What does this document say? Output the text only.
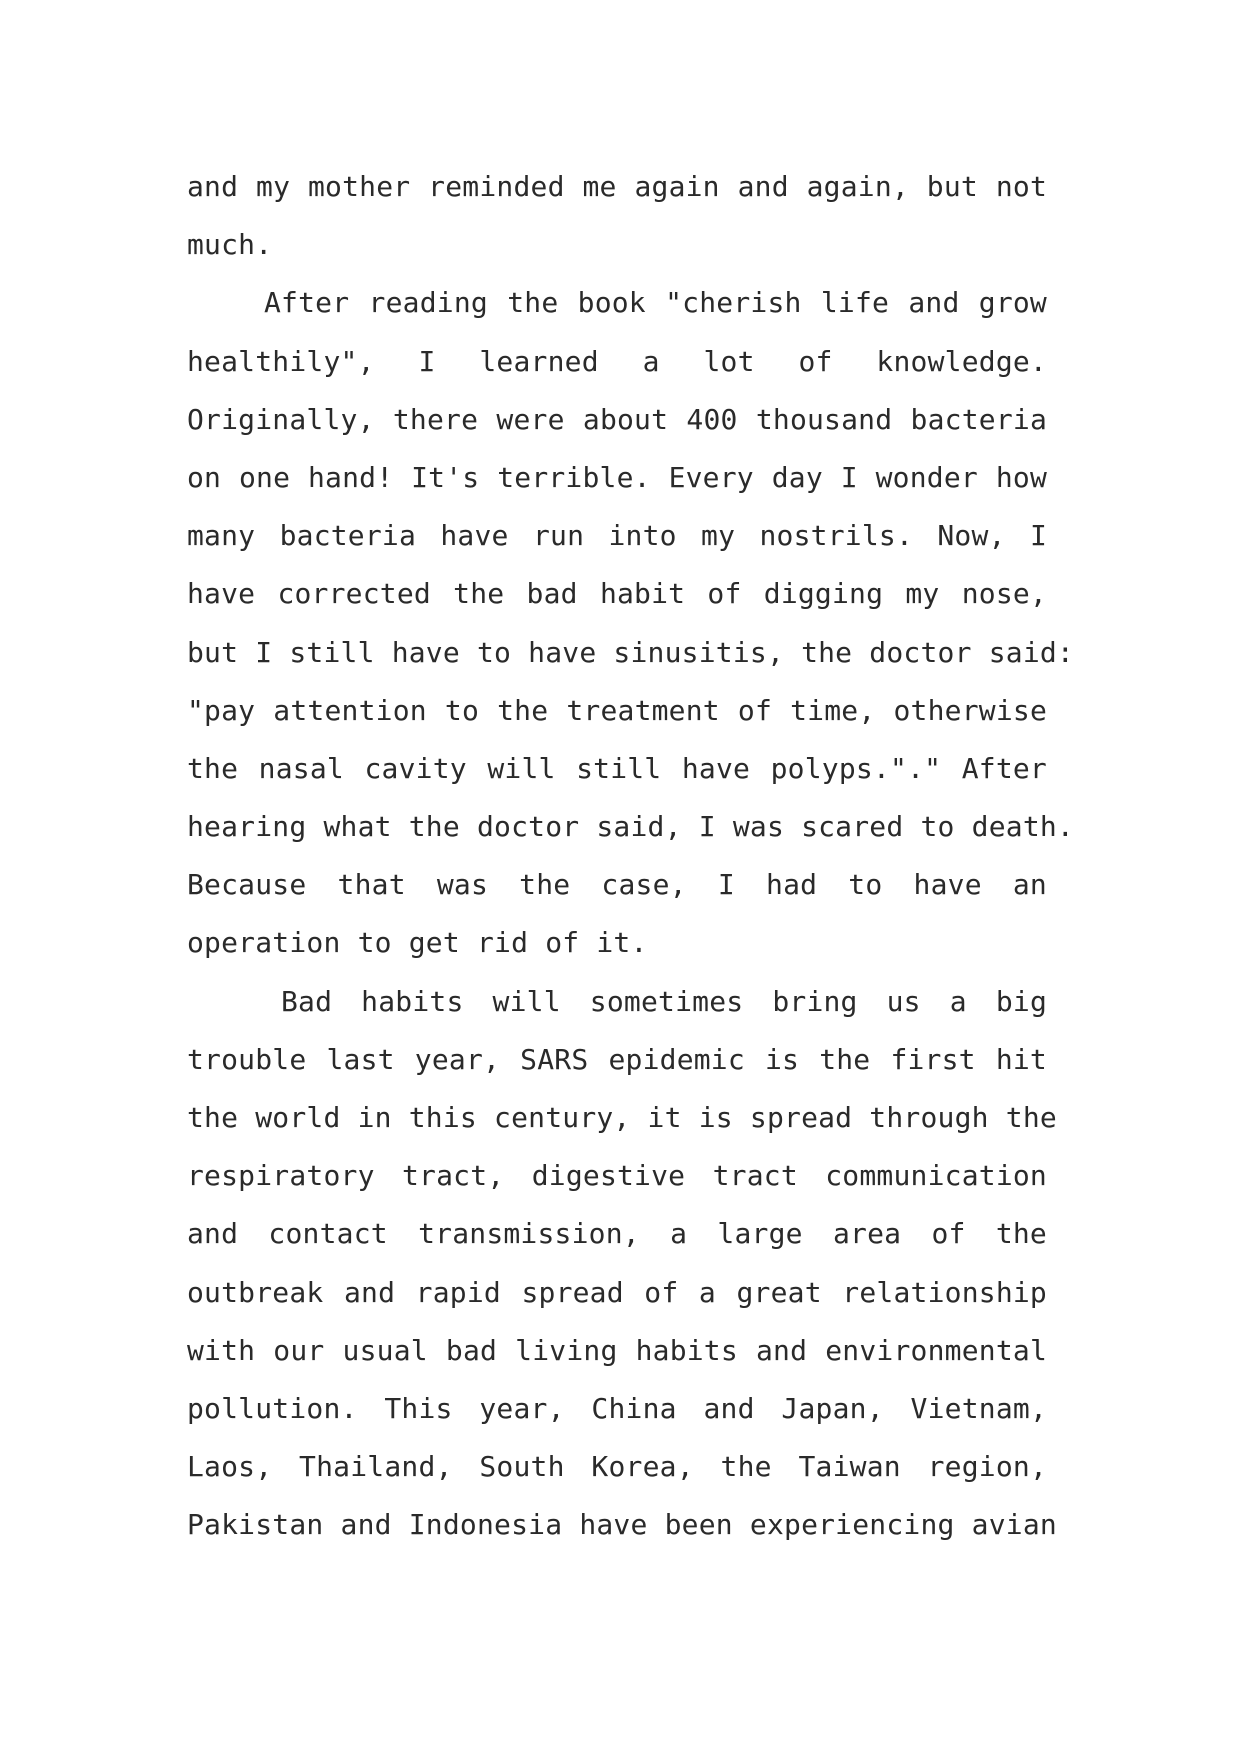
and my mother reminded me again and again, but not
much.
After reading the book "cherish life and grow
healthily", I learned a lot of knowledge.
Originally, there were about 400 thousand bacteria
on one hand! It's terrible. Every day I wonder how
many bacteria have run into my nostrils. Now, I
have corrected the bad habit of digging my nose,
but I still have to have sinusitis, the doctor said:
"pay attention to the treatment of time, otherwise
the nasal cavity will still have polyps."." After
hearing what the doctor said, I was scared to death.
Because that was the case, I had to have an
operation to get rid of it.
Bad habits will sometimes bring us a big
trouble last year, SARS epidemic is the first hit
the world in this century, it is spread through the
respiratory tract, digestive tract communication
and contact transmission, a large area of the
outbreak and rapid spread of a great relationship
with our usual bad living habits and environmental
pollution. This year, China and Japan, Vietnam,
Laos, Thailand, South Korea, the Taiwan region,
Pakistan and Indonesia have been experiencing avian
